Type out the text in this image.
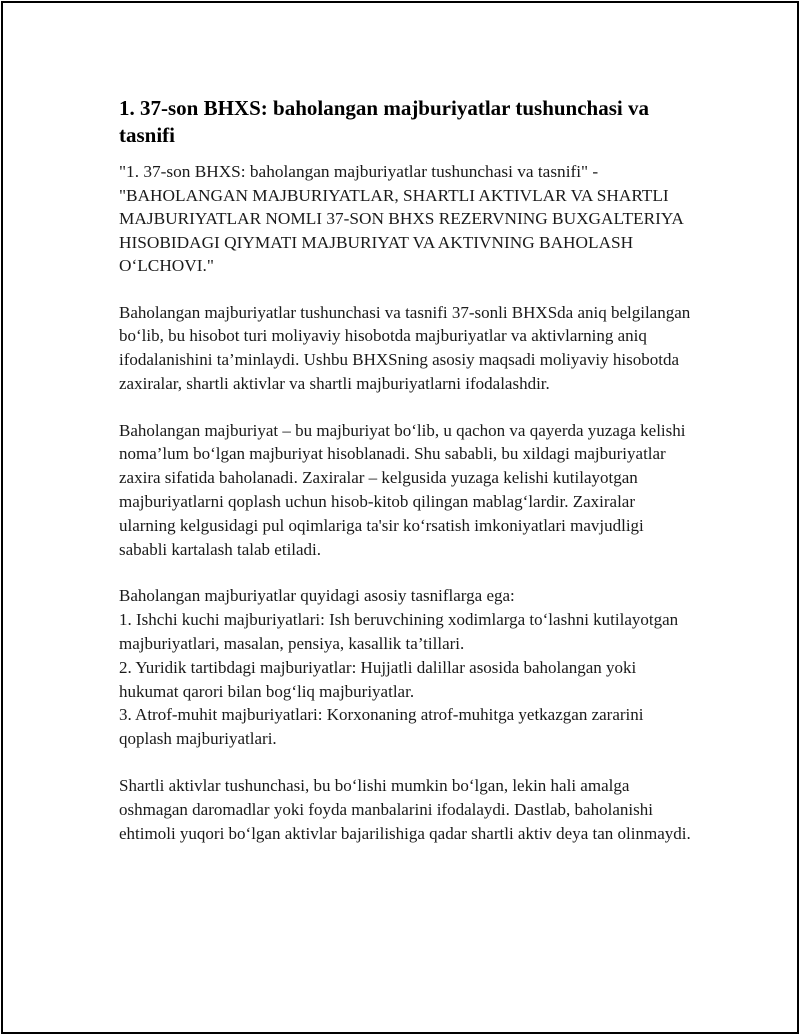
1. 37-son BHXS: baholangan majburiyatlar tushunchasi va tasnifi

"1. 37-son BHXS: baholangan majburiyatlar tushunchasi va tasnifi" - "BAHOLANGAN MAJBURIYATLAR, SHARTLI AKTIVLAR VA SHARTLI MAJBURIYATLAR NOMLI 37-SON BHXS REZERVNING BUXGALTERIYA HISOBIDAGI QIYMATI MAJBURIYAT VA AKTIVNING BAHOLASH O‘LCHOVI."

Baholangan majburiyatlar tushunchasi va tasnifi 37-sonli BHXSda aniq belgilangan bo‘lib, bu hisobot turi moliyaviy hisobotda majburiyatlar va aktivlarning aniq ifodalanishini ta’minlaydi. Ushbu BHXSning asosiy maqsadi moliyaviy hisobotda zaxiralar, shartli aktivlar va shartli majburiyatlarni ifodalashdir.

Baholangan majburiyat – bu majburiyat bo‘lib, u qachon va qayerda yuzaga kelishi noma’lum bo‘lgan majburiyat hisoblanadi. Shu sababli, bu xildagi majburiyatlar zaxira sifatida baholanadi. Zaxiralar – kelgusida yuzaga kelishi kutilayotgan majburiyatlarni qoplash uchun hisob-kitob qilingan mablag‘lardir. Zaxiralar ularning kelgusidagi pul oqimlariga ta'sir ko‘rsatish imkoniyatlari mavjudligi sababli kartalash talab etiladi.

Baholangan majburiyatlar quyidagi asosiy tasniflarga ega:
1. Ishchi kuchi majburiyatlari: Ish beruvchining xodimlarga to‘lashni kutilayotgan majburiyatlari, masalan, pensiya, kasallik ta’tillari.
2. Yuridik tartibdagi majburiyatlar: Hujjatli dalillar asosida baholangan yoki hukumat qarori bilan bog‘liq majburiyatlar.
3. Atrof-muhit majburiyatlari: Korxonaning atrof-muhitga yetkazgan zararini qoplash majburiyatlari.

Shartli aktivlar tushunchasi, bu bo‘lishi mumkin bo‘lgan, lekin hali amalga oshmagan daromadlar yoki foyda manbalarini ifodalaydi. Dastlab, baholanishi ehtimoli yuqori bo‘lgan aktivlar bajarilishiga qadar shartli aktiv deya tan olinmaydi.
